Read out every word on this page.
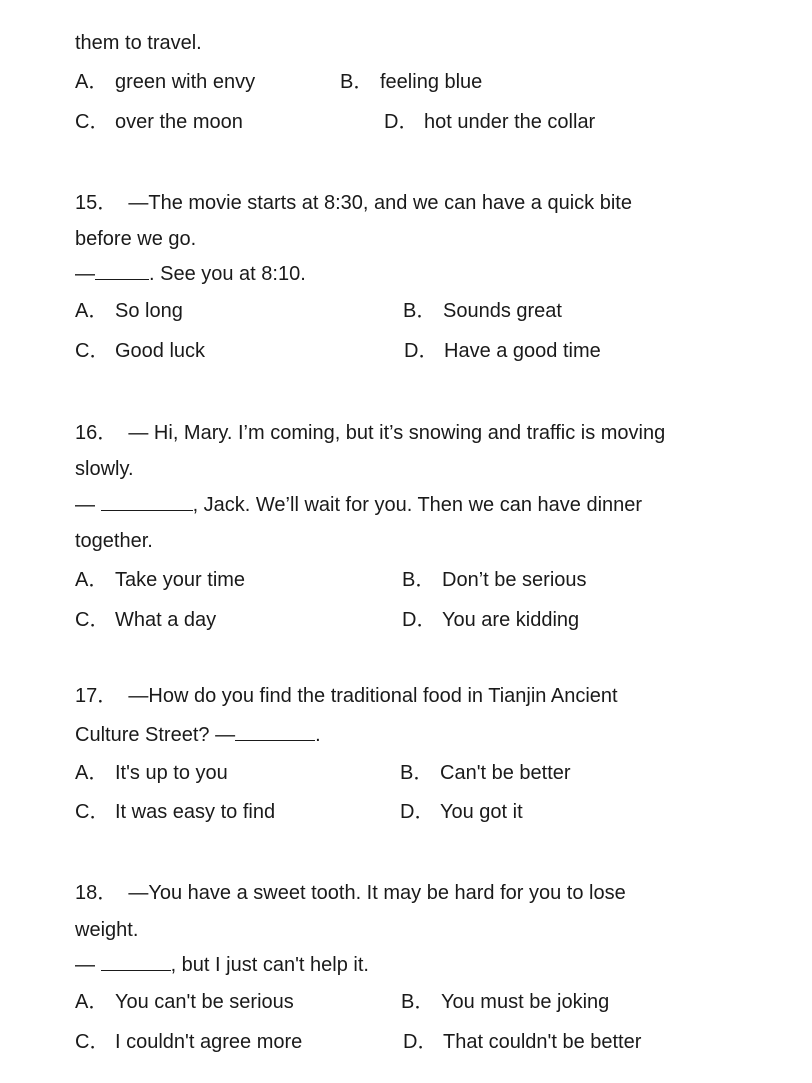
them to travel.
A． green with envy	B． feeling blue
C． over the moon	D． hot under the collar
15． —The movie starts at 8:30, and we can have a quick bite
before we go.
—	. See you at 8:10.
A． So long	B． Sounds great
C． Good luck	D． Have a good time
16． — Hi, Mary. I’m coming, but it’s snowing and traffic is moving
slowly.
—	, Jack. We’ll wait for you. Then we can have dinner
together.
A． Take your time	B． Don’t be serious
C． What a day	D． You are kidding
17． —How do you find the traditional food in Tianjin Ancient
Culture Street? —	.
A． It's up to you	B． Can't be better
C． It was easy to find	D． You got it
18． —You have a sweet tooth. It may be hard for you to lose
weight.
—	, but I just can't help it.
A． You can't be serious	B． You must be joking
C． I couldn't agree more	D． That couldn't be better
